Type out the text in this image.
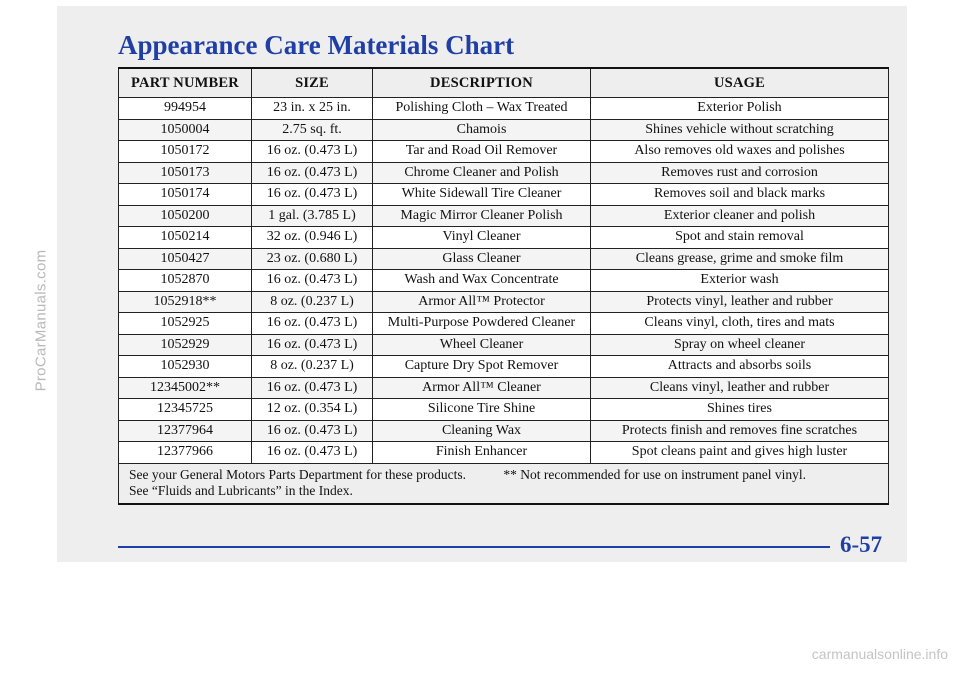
ProCarManuals.com
Appearance Care Materials Chart
PART NUMBER	SIZE	DESCRIPTION	USAGE
994954	23 in. x 25 in.	Polishing Cloth – Wax Treated	Exterior Polish
1050004	2.75 sq. ft.	Chamois	Shines vehicle without scratching
1050172	16 oz. (0.473 L)	Tar and Road Oil Remover	Also removes old waxes and polishes
1050173	16 oz. (0.473 L)	Chrome Cleaner and Polish	Removes rust and corrosion
1050174	16 oz. (0.473 L)	White Sidewall Tire Cleaner	Removes soil and black marks
1050200	1 gal. (3.785 L)	Magic Mirror Cleaner Polish	Exterior cleaner and polish
1050214	32 oz. (0.946 L)	Vinyl Cleaner	Spot and stain removal
1050427	23 oz. (0.680 L)	Glass Cleaner	Cleans grease, grime and smoke film
1052870	16 oz. (0.473 L)	Wash and Wax Concentrate	Exterior wash
1052918**	8 oz. (0.237 L)	Armor All™ Protector	Protects vinyl, leather and rubber
1052925	16 oz. (0.473 L)	Multi-Purpose Powdered Cleaner	Cleans vinyl, cloth, tires and mats
1052929	16 oz. (0.473 L)	Wheel Cleaner	Spray on wheel cleaner
1052930	8 oz. (0.237 L)	Capture Dry Spot Remover	Attracts and absorbs soils
12345002**	16 oz. (0.473 L)	Armor All™ Cleaner	Cleans vinyl, leather and rubber
12345725	12 oz. (0.354 L)	Silicone Tire Shine	Shines tires
12377964	16 oz. (0.473 L)	Cleaning Wax	Protects finish and removes fine scratches
12377966	16 oz. (0.473 L)	Finish Enhancer	Spot cleans paint and gives high luster
See your General Motors Parts Department for these products. ** Not recommended for use on instrument panel vinyl.
See “Fluids and Lubricants” in the Index.			
6-57
carmanualsonline.info
